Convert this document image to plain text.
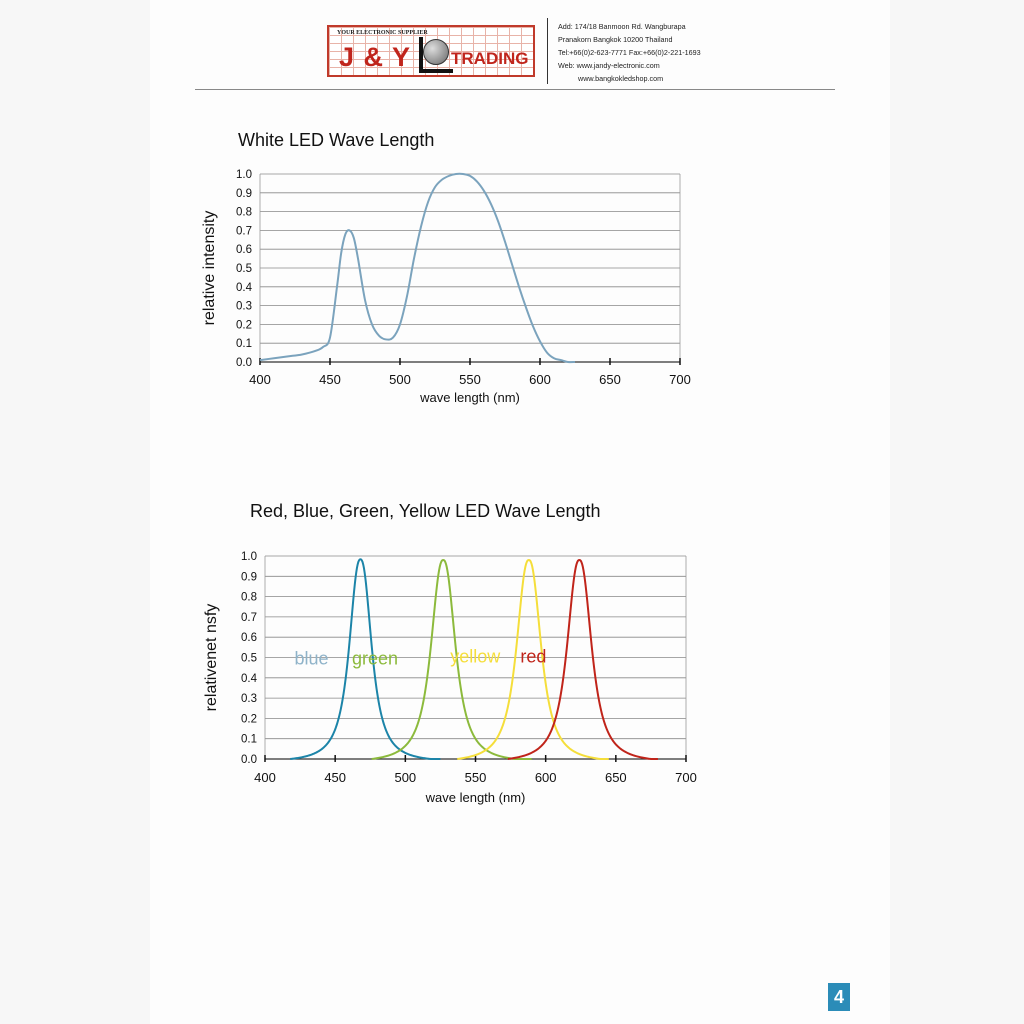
YOUR ELECTRONIC SUPPLIER
J & Y TRADING
Add: 174/18 Banmoon Rd. Wangburapa
Pranakorn Bangkok 10200 Thailand
Tel:+66(0)2-623-7771 Fax:+66(0)2-221-1693
Web: www.jandy-electronic.com
www.bangkokledshop.com
0.0
0.1
0.2
0.3
0.4
0.5
0.6
0.7
0.8
0.9
1.0
400	450	500	550	600	650	700
wave length (nm)
relative intensity
White LED Wave Length
0.0
0.1
0.2
0.3
0.4
0.5
0.6
0.7
0.8
0.9
1.0
400	450	500	550	600	650	700
wave length (nm)
relativenet nsfy
Red, Blue, Green, Yellow LED Wave Length
blue green	yellow red
4
